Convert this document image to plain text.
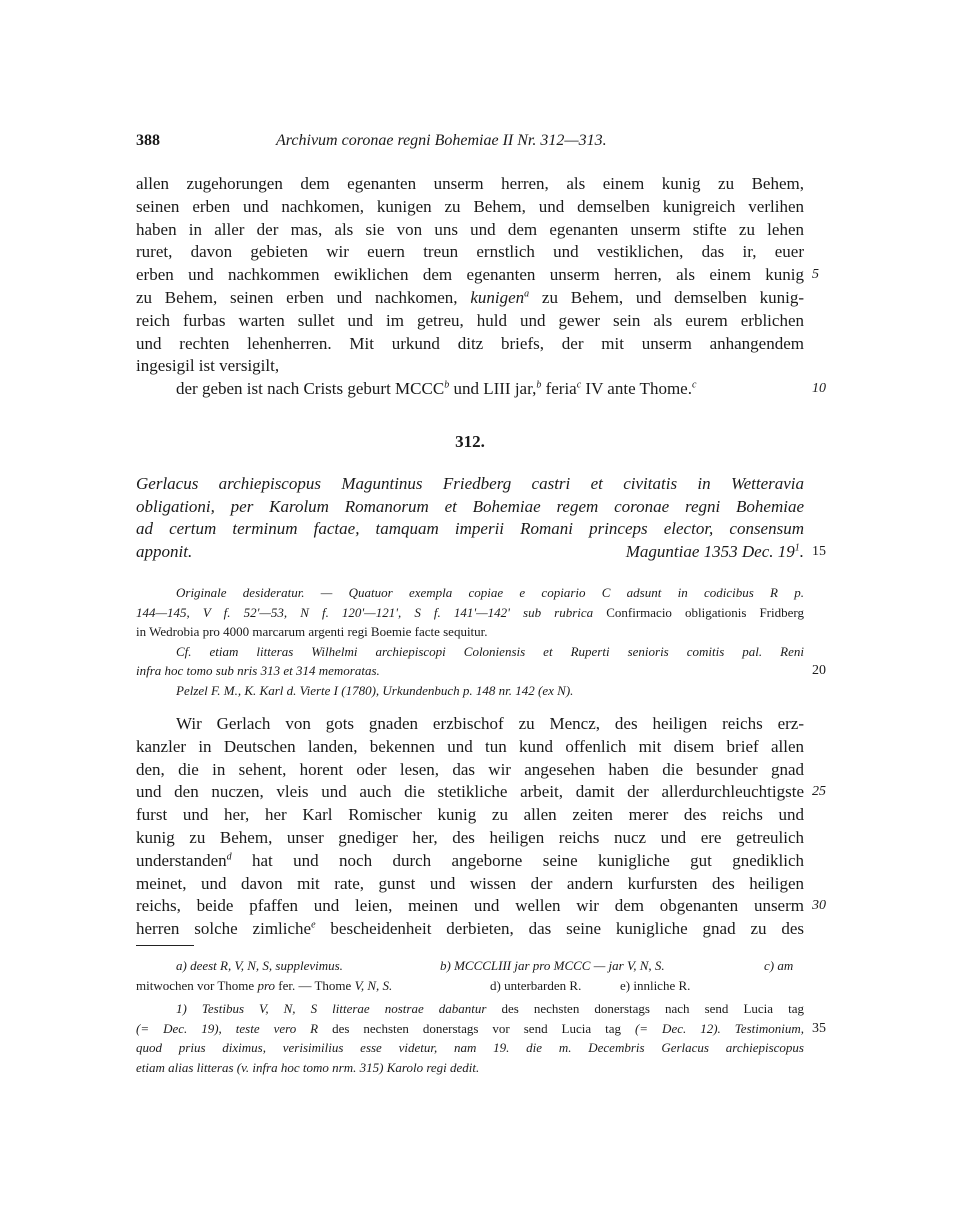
388	Archivum coronae regni Bohemiae II Nr. 312—313.
allen zugehorungen dem egenanten unserm herren, als einem kunig zu Behem,
seinen erben und nachkomen, kunigen zu Behem, und demselben kunigreich verlihen
haben in aller der mas, als sie von uns und dem egenanten unserm stifte zu lehen
ruret, davon gebieten wir euern treun ernstlich und vestiklichen, das ir, euer
erben und nachkommen ewiklichen dem egenanten unserm herren, als einem kunig 5
zu Behem, seinen erben und nachkomen, kunigen$^a$ zu Behem, und demselben kunig-
reich furbas warten sullet und im getreu, huld und gewer sein als eurem erblichen
und rechten lehenherren. Mit urkund ditz briefs, der mit unserm anhangendem
ingesigil ist versigilt,
der geben ist nach Crists geburt MCCC$^b$ und LIII jar,$^b$ feria$^c$ IV ante Thome.$^c$	10
312.
Gerlacus archiepiscopus Maguntinus Friedberg castri et civitatis in Wetteravia
obligationi, per Karolum Romanorum et Bohemiae regem coronae regni Bohemiae
ad certum terminum factae, tamquam imperii Romani princeps elector, consensum
apponit.	Maguntiae 1353 Dec. $19^1$. 15
Originale desideratur. — Quatuor exempla copiae e copiario C adsunt in codicibus R p.
144—145, V f. 52'—53, N f. 120'—121', S f. 141'—142' sub rubrica Confirmacio obligationis Fridberg
in Wedrobia pro 4000 marcarum argenti regi Boemie facte sequitur.
Cf. etiam litteras Wilhelmi archiepiscopi Coloniensis et Ruperti senioris comitis pal. Reni
infra hoc tomo sub nris 313 et 314 memoratas.	20
Pelzel F. M., K. Karl d. Vierte I (1780), Urkundenbuch p. 148 nr. 142 (ex N).
Wir Gerlach von gots gnaden erzbischof zu Mencz, des heiligen reichs erz-
kanzler in Deutschen landen, bekennen und tun kund offenlich mit disem brief allen
den, die in sehent, horent oder lesen, das wir angesehen haben die besunder gnad
und den nuczen, vleis und auch die stetikliche arbeit, damit der allerdurchleuchtigste 25
furst und her, her Karl Romischer kunig zu allen zeiten merer des reichs und
kunig zu Behem, unser gnediger her, des heiligen reichs nucz und ere getreulich
understanden$^d$ hat und noch durch angeborne seine kunigliche gut gnediklich
meinet, und davon mit rate, gunst und wissen der andern kurfursten des heiligen
reichs, beide pfaffen und leien, meinen und wellen wir dem obgenanten unserm 30
herren solche zimliche$^e$ bescheidenheit derbieten, das seine kunigliche gnad zu des
a) deest R, V, N, S, supplevimus.	b) MCCCLIII jar pro MCCC — jar V, N, S.	c) am
mitwochen vor Thome pro fer. — Thome V, N, S.	d) unterbarden R.	e) innliche R.
1) Testibus V, N, S litterae nostrae dabantur des nechsten donerstags nach send Lucia tag
(= Dec. 19), teste vero R des nechsten donerstags vor send Lucia tag (= Dec. 12). Testimonium, 35
quod prius diximus, verisimilius esse videtur, nam 19. die m. Decembris Gerlacus archiepiscopus
etiam alias litteras (v. infra hoc tomo nrm. 315) Karolo regi dedit.
